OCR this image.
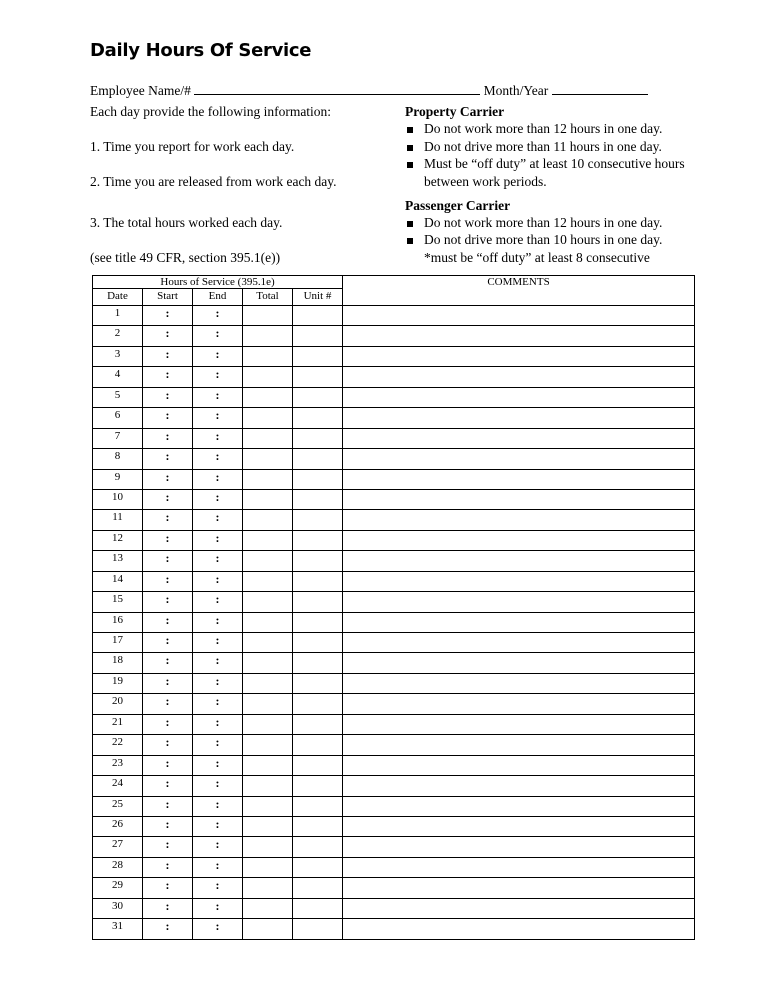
Daily Hours Of Service
Employee Name/#	Month/Year
Each day provide the following information:
1. Time you report for work each day.
2. Time you are released from work each day.
3. The total hours worked each day.
(see title 49 CFR, section 395.1(e))
Property Carrier
Do not work more than 12 hours in one day.
Do not drive more than 11 hours in one day.
Must be “off duty” at least 10 consecutive hours
between work periods.
Passenger Carrier
Do not work more than 12 hours in one day.
Do not drive more than 10 hours in one day.
*must be “off duty” at least 8 consecutive
Hours of Service (395.1e)					COMMENTS
Date	Start	End	Total	Unit #	
1	:	:			
2	:	:			
3	:	:			
4	:	:			
5	:	:			
6	:	:			
7	:	:			
8	:	:			
9	:	:			
10	:	:			
11	:	:			
12	:	:			
13	:	:			
14	:	:			
15	:	:			
16	:	:			
17	:	:			
18	:	:			
19	:	:			
20	:	:			
21	:	:			
22	:	:			
23	:	:			
24	:	:			
25	:	:			
26	:	:			
27	:	:			
28	:	:			
29	:	:			
30	:	:			
31	:	:			
